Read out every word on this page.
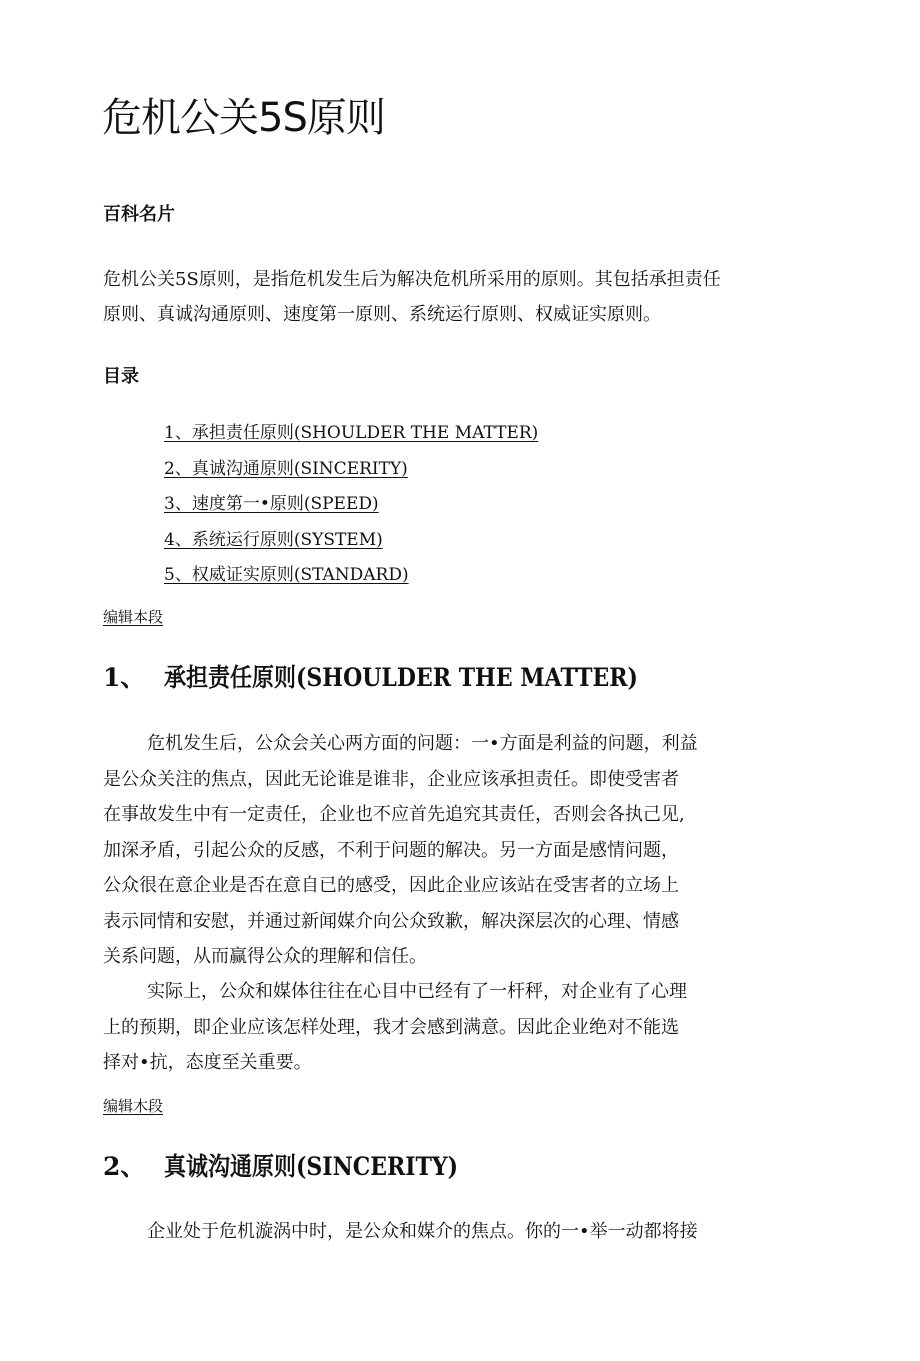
危机公关5S原则
百科名片

危机公关5S原则，是指危机发生后为解决危机所采用的原则。其包括承担责任
原则、真诚沟通原则、速度第一原则、系统运行原则、权威证实原则。

目录
1、承担责任原则(SHOULDER THE MATTER)
2、真诚沟通原则(SINCERITY)
3、速度第一•原则(SPEED)
4、系统运行原则(SYSTEM)
5、权威证实原则(STANDARD)
编辑本段
1、 承担责任原则(SHOULDER THE MATTER)

危机发生后，公众会关心两方面的问题：一•方面是利益的问题，利益
是公众关注的焦点，因此无论谁是谁非，企业应该承担责任。即使受害者
在事故发生中有一定责任，企业也不应首先追究其责任，否则会各执己见,
加深矛盾，引起公众的反感，不利于问题的解决。另一方面是感情问题，
公众很在意企业是否在意自已的感受，因此企业应该站在受害者的立场上
表示同情和安慰，并通过新闻媒介向公众致歉，解决深层次的心理、情感
关系问题，从而赢得公众的理解和信任。

实际上，公众和媒体往往在心目中已经有了一杆秤，对企业有了心理
上的预期，即企业应该怎样处理，我才会感到满意。因此企业绝对不能选
择对•抗，态度至关重要。

编辑木段
2、 真诚沟通原则(SINCERITY)

企业处于危机漩涡中时，是公众和媒介的焦点。你的一•举一动都将接
